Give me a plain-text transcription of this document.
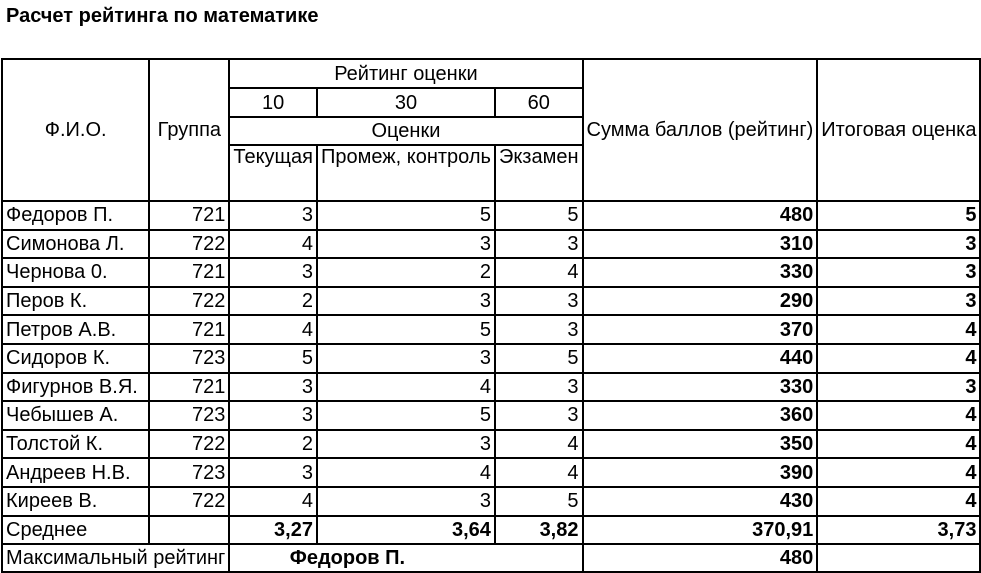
Расчет рейтинга по математике
Ф.И.О.	Группа	Рейтинг оценки			Сумма баллов (рейтинг)	Итоговая оценка
		10	30	60		
		Оценки				
		Текущая	Промеж, контроль	Экзамен		

Федоров П.	721	3	5	5	480	5
Симонова Л.	722	4	3	3	310	3
Чернова 0.	721	3	2	4	330	3
Перов К.	722	2	3	3	290	3
Петров А.В.	721	4	5	3	370	4
Сидоров К.	723	5	3	5	440	4
Фигурнов В.Я.	721	3	4	3	330	3
Чебышев А.	723	3	5	3	360	4
Толстой К.	722	2	3	4	350	4
Андреев Н.В.	723	3	4	4	390	4
Киреев В.	722	4	3	5	430	4
Среднее		3,27	3,64	3,82	370,91	3,73
Максимальный рейтинг		Федоров П.			480	
